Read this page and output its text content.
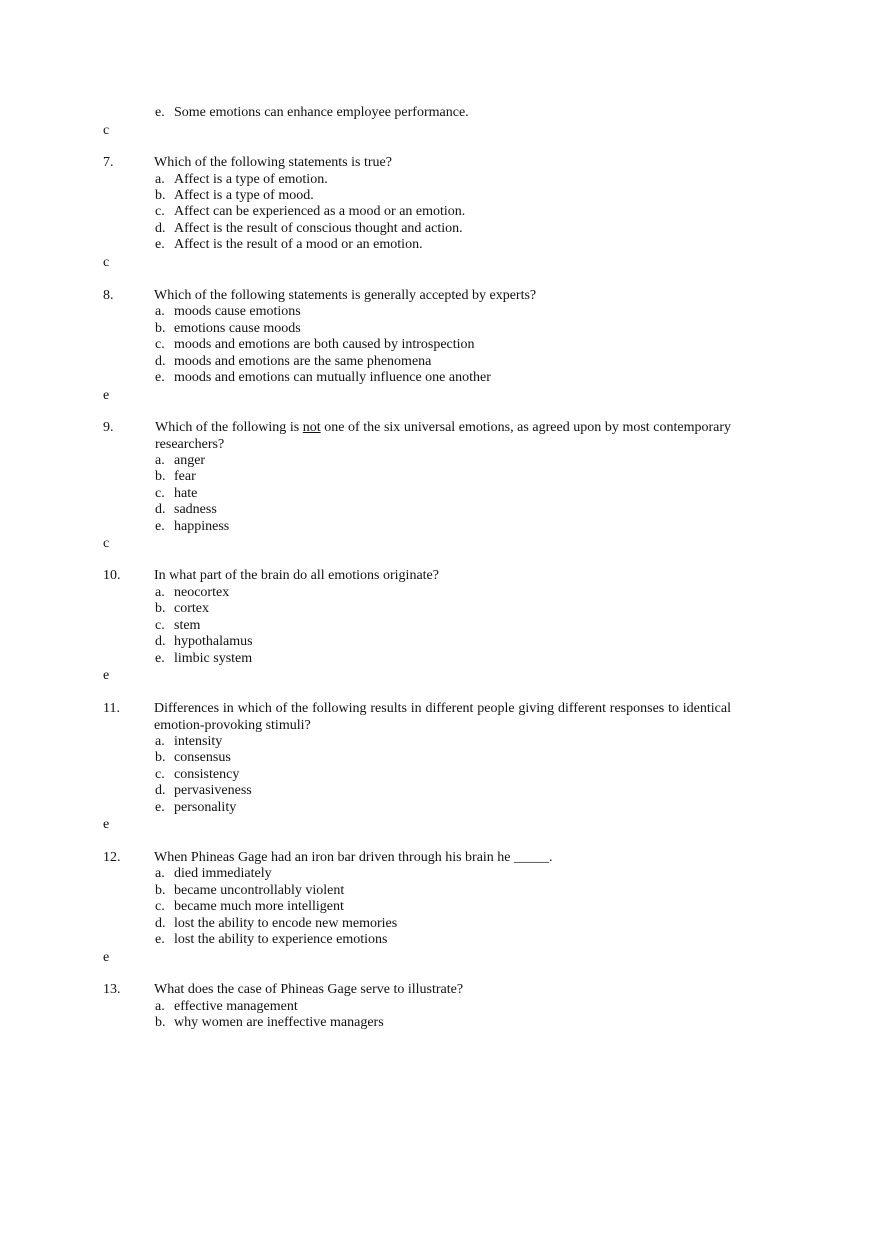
e. Some emotions can enhance employee performance.
c
7.	Which of the following statements is true?
a. Affect is a type of emotion.
b. Affect is a type of mood.
c. Affect can be experienced as a mood or an emotion.
d. Affect is the result of conscious thought and action.
e. Affect is the result of a mood or an emotion.
c
8.	Which of the following statements is generally accepted by experts?
a. moods cause emotions
b. emotions cause moods
c. moods and emotions are both caused by introspection
d. moods and emotions are the same phenomena
e. moods and emotions can mutually influence one another
e
9.	Which of the following is not one of the six universal emotions, as agreed upon by most contemporary researchers?
a. anger
b. fear
c. hate
d. sadness
e. happiness
c
10. In what part of the brain do all emotions originate?
a. neocortex
b. cortex
c. stem
d. hypothalamus
e. limbic system
e
11. Differences in which of the following results in different people giving different responses to identical emotion-provoking stimuli?
a. intensity
b. consensus
c. consistency
d. pervasiveness
e. personality
e
12. When Phineas Gage had an iron bar driven through his brain he _____.
a. died immediately
b. became uncontrollably violent
c. became much more intelligent
d. lost the ability to encode new memories
e. lost the ability to experience emotions
e
13. What does the case of Phineas Gage serve to illustrate?
a. effective management
b. why women are ineffective managers
